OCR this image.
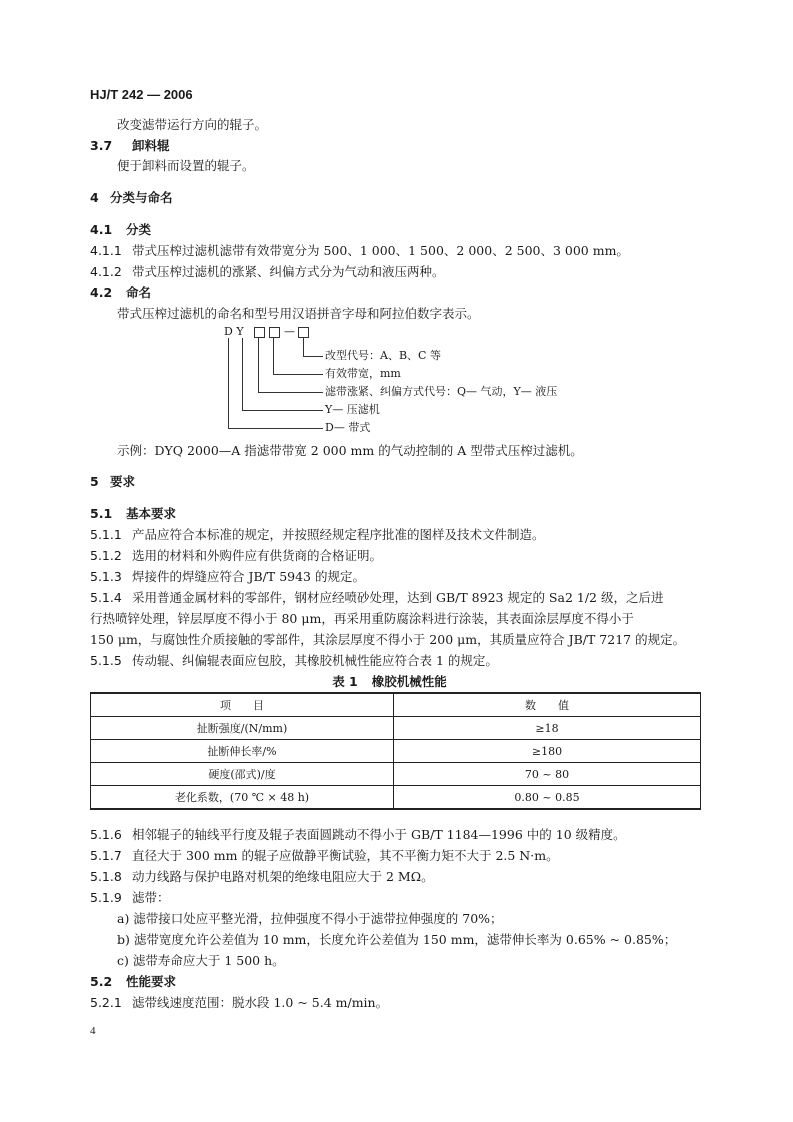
HJ/T 242 — 2006
改变滤带运行方向的辊子。
3.7 卸料辊
便于卸料而设置的辊子。
4 分类与命名
4.1 分类
4.1.1 带式压榨过滤机滤带有效带宽分为 500、1 000、1 500、2 000、2 500、3 000 mm。
4.1.2 带式压榨过滤机的涨紧、纠偏方式分为气动和液压两种。
4.2 命名
带式压榨过滤机的命名和型号用汉语拼音字母和阿拉伯数字表示。
D Y	—
改型代号：A、B、C 等
有效带宽，mm
滤带涨紧、纠偏方式代号：Q— 气动，Y— 液压
Y— 压滤机
D— 带式
示例：DYQ 2000—A 指滤带带宽 2 000 mm 的气动控制的 A 型带式压榨过滤机。
5 要求
5.1 基本要求
5.1.1 产品应符合本标准的规定，并按照经规定程序批准的图样及技术文件制造。
5.1.2 选用的材料和外购件应有供货商的合格证明。
5.1.3 焊接件的焊缝应符合 JB/T 5943 的规定。
5.1.4 采用普通金属材料的零部件，钢材应经喷砂处理，达到 GB/T 8923 规定的 Sa2 1/2 级，之后进
行热喷锌处理，锌层厚度不得小于 80 μm，再采用重防腐涂料进行涂装，其表面涂层厚度不得小于
150 μm，与腐蚀性介质接触的零部件，其涂层厚度不得小于 200 μm，其质量应符合 JB/T 7217 的规定。
5.1.5 传动辊、纠偏辊表面应包胶，其橡胶机械性能应符合表 1 的规定。
表 1 橡胶机械性能
项　　目	数　　值
扯断强度/(N/mm)	≥18
扯断伸长率/%	≥180
硬度(邵式)/度	70 ~ 80
老化系数，(70 ℃ × 48 h)	0.80 ~ 0.85
5.1.6 相邻辊子的轴线平行度及辊子表面圆跳动不得小于 GB/T 1184—1996 中的 10 级精度。
5.1.7 直径大于 300 mm 的辊子应做静平衡试验，其不平衡力矩不大于 2.5 N·m。
5.1.8 动力线路与保护电路对机架的绝缘电阻应大于 2 MΩ。
5.1.9 滤带：
a) 滤带接口处应平整光滑，拉伸强度不得小于滤带拉伸强度的 70%；
b) 滤带宽度允许公差值为 10 mm，长度允许公差值为 150 mm，滤带伸长率为 0.65% ~ 0.85%；
c) 滤带寿命应大于 1 500 h。
5.2 性能要求
5.2.1 滤带线速度范围：脱水段 1.0 ~ 5.4 m/min。
4
